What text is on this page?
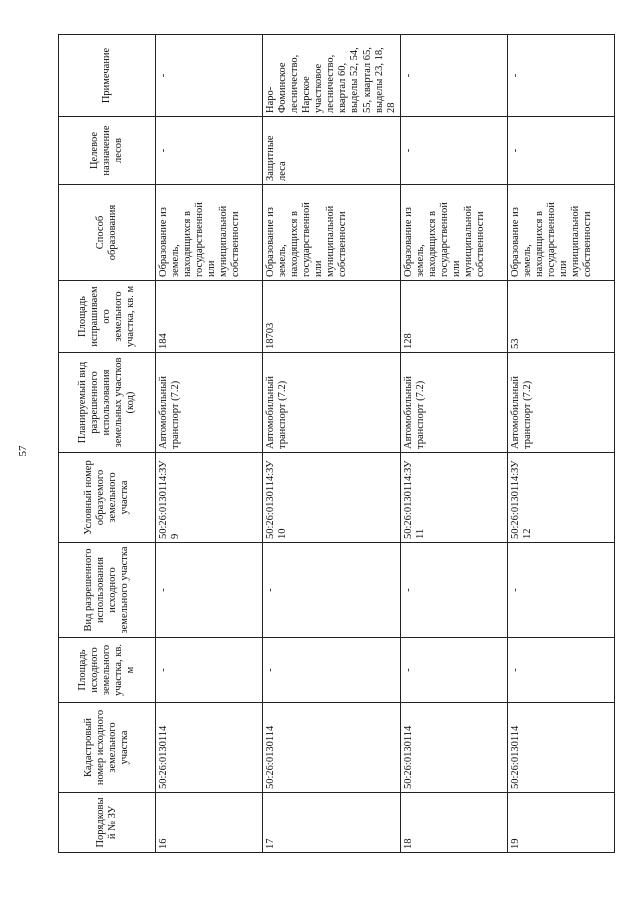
57
Порядковый № ЗУ	Кадастровый номер исходного земельного участка	Площадь исходного земельного участка, кв. м	Вид разрешенного использования исходного земельного участка	Условный номер образуемого земельного участка	Планируемый вид разрешенного использования земельных участков (код)	Площадь испрашиваемого земельного участка, кв. м	Способ образования	Целевое назначение лесов	Примечание
16	50:26:0130114	-	-	50:26:0130114:ЗУ9	Автомобильный транспорт (7.2)	184	Образование из земель, находящихся в государственной или муниципальной собственности	-	-
17	50:26:0130114	-	-	50:26:0130114:ЗУ10	Автомобильный транспорт (7.2)	18703	Образование из земель, находящихся в государственной или муниципальной собственности	Защитные леса	Наро-Фоминское лесничество, Нарское участковое лесничество, квартал 60, выделы 52, 54, 55, квартал 65, выделы 23, 18, 28
18	50:26:0130114	-	-	50:26:0130114:ЗУ11	Автомобильный транспорт (7.2)	128	Образование из земель, находящихся в государственной или муниципальной собственности	-	-
19	50:26:0130114	-	-	50:26:0130114:ЗУ12	Автомобильный транспорт (7.2)	53	Образование из земель, находящихся в государственной или муниципальной собственности	-	-
